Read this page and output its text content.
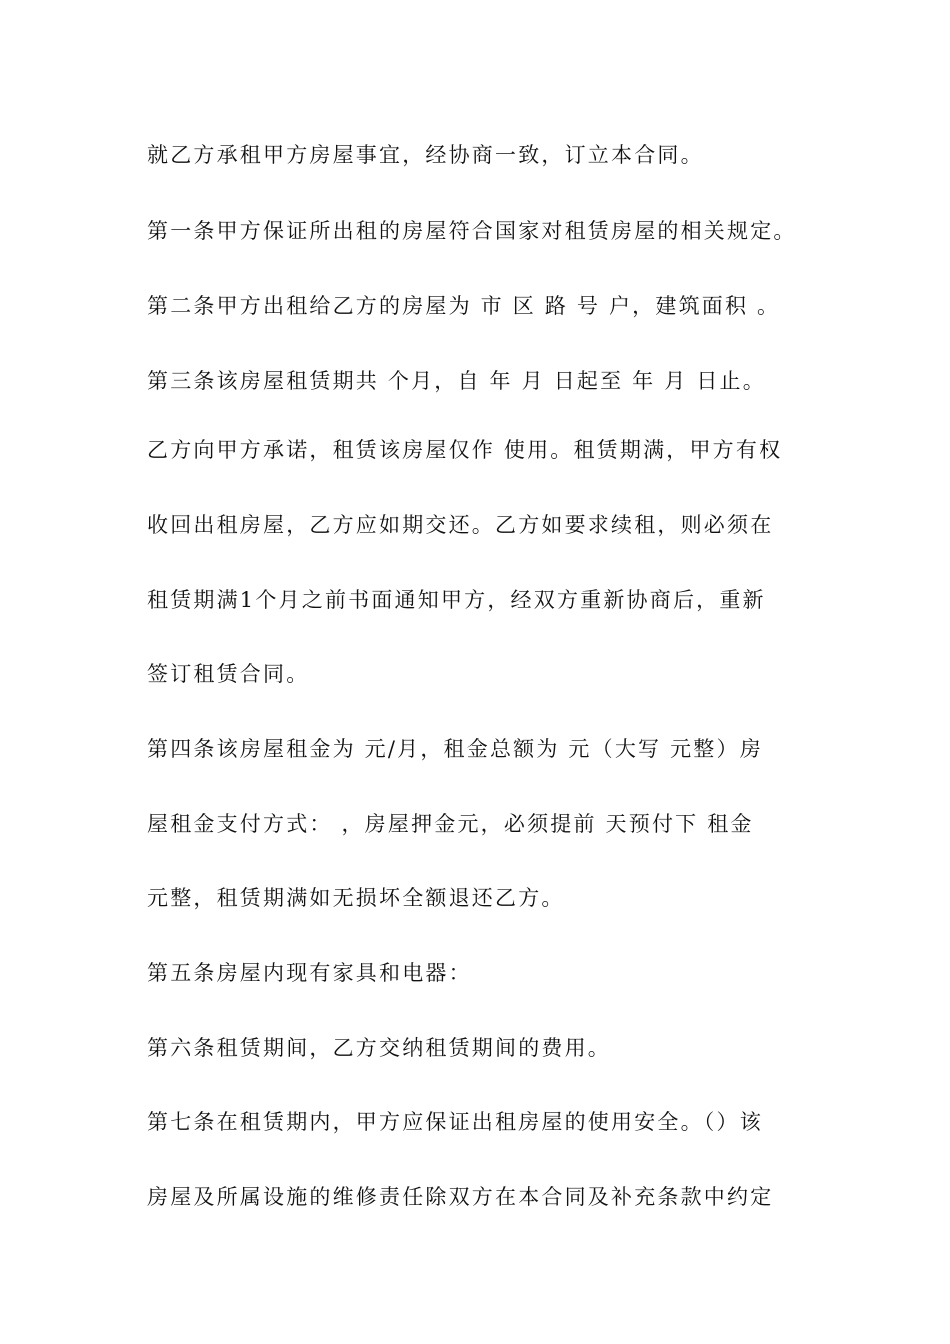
就乙方承租甲方房屋事宜，经协商一致，订立本合同。
第一条甲方保证所出租的房屋符合国家对租赁房屋的相关规定。
第二条甲方出租给乙方的房屋为 市 区 路 号 户，建筑面积 。
第三条该房屋租赁期共 个月，自 年 月 日起至 年 月 日止。
乙方向甲方承诺，租赁该房屋仅作 使用。租赁期满，甲方有权
收回出租房屋，乙方应如期交还。乙方如要求续租，则必须在
租赁期满1个月之前书面通知甲方，经双方重新协商后，重新
签订租赁合同。
第四条该房屋租金为 元/月，租金总额为 元（大写 元整）房
屋租金支付方式： ，房屋押金元，必须提前 天预付下 租金
元整，租赁期满如无损坏全额退还乙方。
第五条房屋内现有家具和电器：
第六条租赁期间，乙方交纳租赁期间的费用。
第七条在租赁期内，甲方应保证出租房屋的使用安全。（）该
房屋及所属设施的维修责任除双方在本合同及补充条款中约定
